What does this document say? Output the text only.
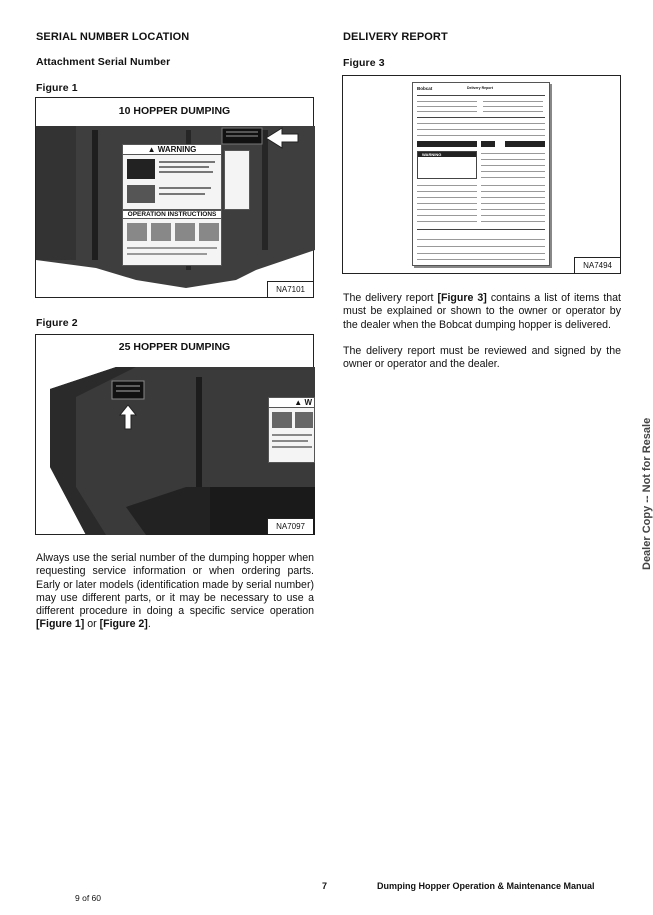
SERIAL NUMBER LOCATION
Attachment Serial Number
Figure 1
10 HOPPER DUMPING
▲ WARNING
OPERATION INSTRUCTIONS
NA7101
Figure 2
25 HOPPER DUMPING
▲ W
NA7097
Always use the serial number of the dumping hopper when requesting service information or when ordering parts. Early or later models (identification made by serial number) may use different parts, or it may be necessary to use a different procedure in doing a specific service operation [Figure 1] or [Figure 2].
DELIVERY REPORT
Figure 3
Bobcat	Delivery Report
WARNING
NA7494
The delivery report [Figure 3] contains a list of items that must be explained or shown to the owner or operator by the dealer when the Bobcat dumping hopper is delivered.
The delivery report must be reviewed and signed by the owner or operator and the dealer.
Dealer Copy -- Not for Resale
9 of 60
7	Dumping Hopper Operation & Maintenance Manual
